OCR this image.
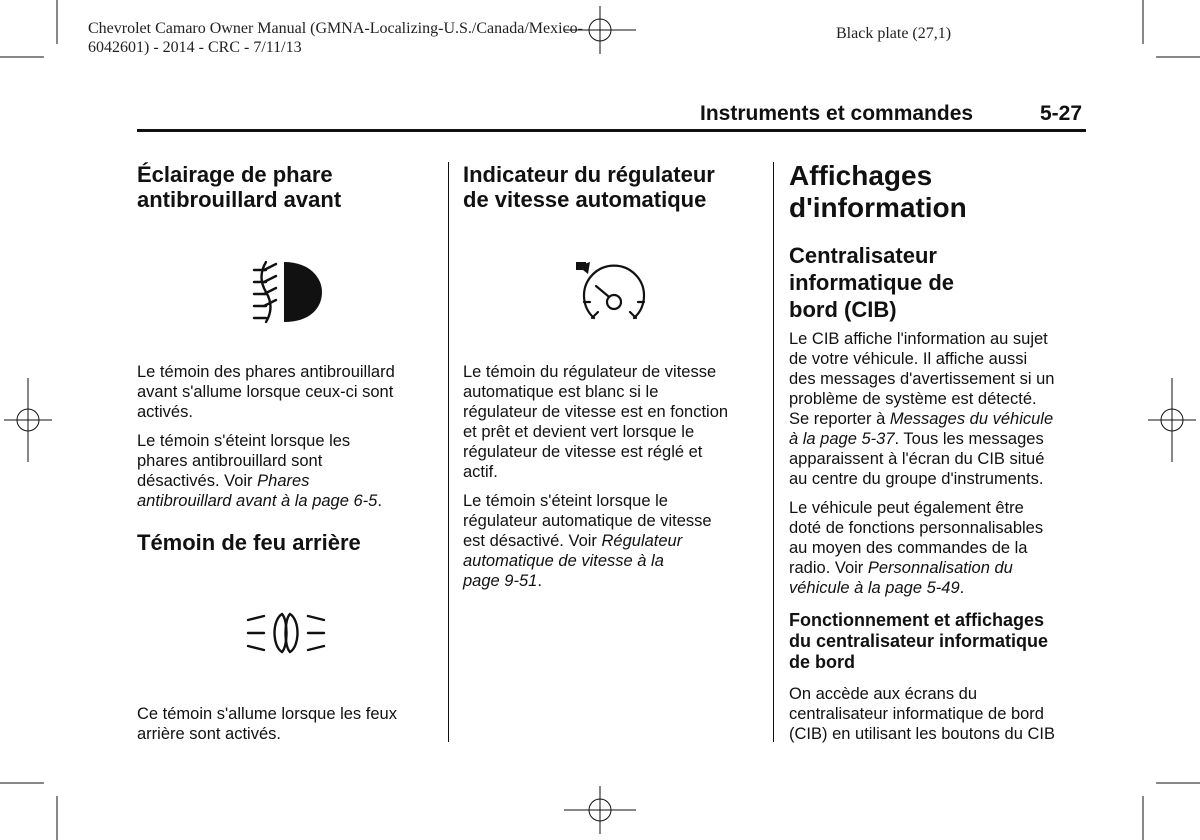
Chevrolet Camaro Owner Manual (GMNA-Localizing-U.S./Canada/Mexico-
6042601) - 2014 - CRC - 7/11/13
Black plate (27,1)
Instruments et commandes	5-27
Éclairage de phare
antibrouillard avant

Le témoin des phares antibrouillard
avant s'allume lorsque ceux-ci sont
activés.

Le témoin s'éteint lorsque les
phares antibrouillard sont
désactivés. Voir Phares
antibrouillard avant à la page 6-5.

Témoin de feu arrière

Ce témoin s'allume lorsque les feux
arrière sont activés.

Indicateur du régulateur
de vitesse automatique

Le témoin du régulateur de vitesse
automatique est blanc si le
régulateur de vitesse est en fonction
et prêt et devient vert lorsque le
régulateur de vitesse est réglé et
actif.

Le témoin s'éteint lorsque le
régulateur automatique de vitesse
est désactivé. Voir Régulateur
automatique de vitesse à la
page 9-51.

Affichages
d'information
Centralisateur
informatique de
bord (CIB)

Le CIB affiche l'information au sujet
de votre véhicule. Il affiche aussi
des messages d'avertissement si un
problème de système est détecté.
Se reporter à Messages du véhicule
à la page 5-37. Tous les messages
apparaissent à l'écran du CIB situé
au centre du groupe d'instruments.

Le véhicule peut également être
doté de fonctions personnalisables
au moyen des commandes de la
radio. Voir Personnalisation du
véhicule à la page 5-49.

Fonctionnement et affichages
du centralisateur informatique
de bord

On accède aux écrans du
centralisateur informatique de bord
(CIB) en utilisant les boutons du CIB
